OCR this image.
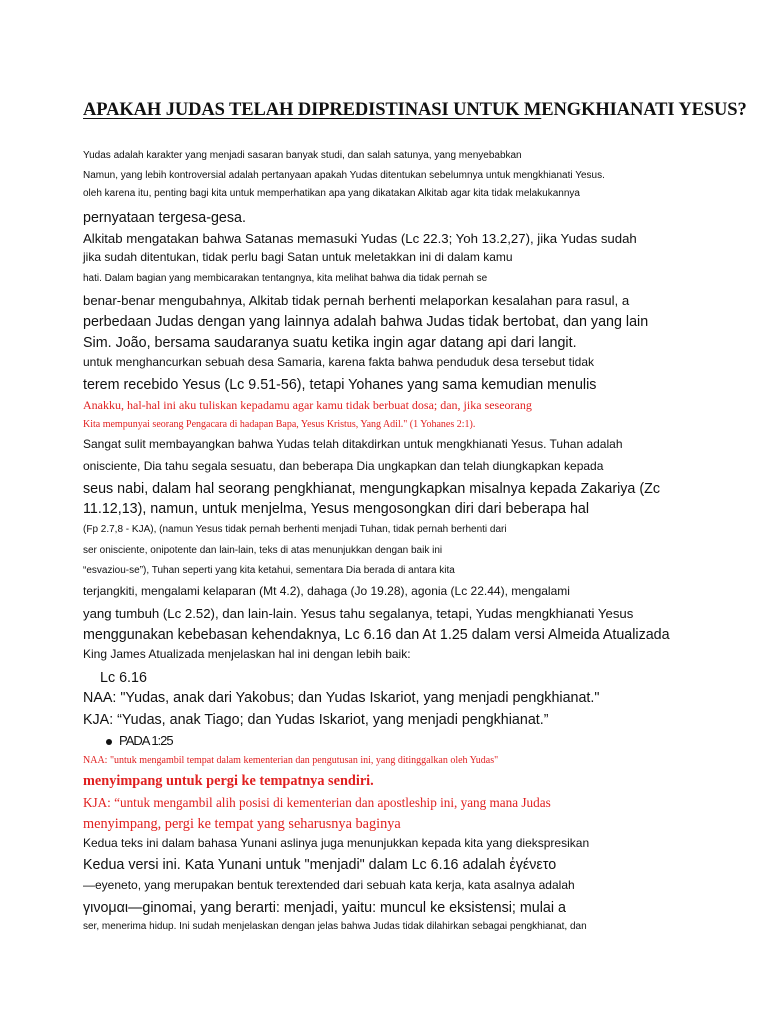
APAKAH JUDAS TELAH DIPREDISTINASI UNTUK MENGKHIANATI YESUS?
Yudas adalah karakter yang menjadi sasaran banyak studi, dan salah satunya, yang menyebabkan
Namun, yang lebih kontroversial adalah pertanyaan apakah Yudas ditentukan sebelumnya untuk mengkhianati Yesus.
oleh karena itu, penting bagi kita untuk memperhatikan apa yang dikatakan Alkitab agar kita tidak melakukannya
pernyataan tergesa-gesa.
Alkitab mengatakan bahwa Satanas memasuki Yudas (Lc 22.3; Yoh 13.2,27), jika Yudas sudah
jika sudah ditentukan, tidak perlu bagi Satan untuk meletakkan ini di dalam kamu
hati. Dalam bagian yang membicarakan tentangnya, kita melihat bahwa dia tidak pernah se
benar-benar mengubahnya, Alkitab tidak pernah berhenti melaporkan kesalahan para rasul, a
perbedaan Judas dengan yang lainnya adalah bahwa Judas tidak bertobat, dan yang lain
Sim. João, bersama saudaranya suatu ketika ingin agar datang api dari langit.
untuk menghancurkan sebuah desa Samaria, karena fakta bahwa penduduk desa tersebut tidak
terem recebido Yesus (Lc 9.51-56), tetapi Yohanes yang sama kemudian menulis
Anakku, hal-hal ini aku tuliskan kepadamu agar kamu tidak berbuat dosa; dan, jika seseorang
Kita mempunyai seorang Pengacara di hadapan Bapa, Yesus Kristus, Yang Adil." (1 Yohanes 2:1).
Sangat sulit membayangkan bahwa Yudas telah ditakdirkan untuk mengkhianati Yesus. Tuhan adalah
onisciente, Dia tahu segala sesuatu, dan beberapa Dia ungkapkan dan telah diungkapkan kepada
seus nabi, dalam hal seorang pengkhianat, mengungkapkan misalnya kepada Zakariya (Zc
11.12,13), namun, untuk menjelma, Yesus mengosongkan diri dari beberapa hal
(Fp 2.7,8 - KJA), (namun Yesus tidak pernah berhenti menjadi Tuhan, tidak pernah berhenti dari
ser onisciente, onipotente dan lain-lain, teks di atas menunjukkan dengan baik ini
“esvaziou-se”), Tuhan seperti yang kita ketahui, sementara Dia berada di antara kita
terjangkiti, mengalami kelaparan (Mt 4.2), dahaga (Jo 19.28), agonia (Lc 22.44), mengalami
yang tumbuh (Lc 2.52), dan lain-lain. Yesus tahu segalanya, tetapi, Yudas mengkhianati Yesus
menggunakan kebebasan kehendaknya, Lc 6.16 dan At 1.25 dalam versi Almeida Atualizada
King James Atualizada menjelaskan hal ini dengan lebih baik:
Lc 6.16
NAA: "Yudas, anak dari Yakobus; dan Yudas Iskariot, yang menjadi pengkhianat."
KJA: “Yudas, anak Tiago; dan Yudas Iskariot, yang menjadi pengkhianat.”
PADA 1:25
NAA: "untuk mengambil tempat dalam kementerian dan pengutusan ini, yang ditinggalkan oleh Yudas"
menyimpang untuk pergi ke tempatnya sendiri.
KJA: “untuk mengambil alih posisi di kementerian dan apostleship ini, yang mana Judas
menyimpang, pergi ke tempat yang seharusnya baginya
Kedua teks ini dalam bahasa Yunani aslinya juga menunjukkan kepada kita yang diekspresikan
Kedua versi ini. Kata Yunani untuk "menjadi" dalam Lc 6.16 adalah ἐγένετο
—eyeneto, yang merupakan bentuk terextended dari sebuah kata kerja, kata asalnya adalah
γινομαι—ginomai, yang berarti: menjadi, yaitu: muncul ke eksistensi; mulai a
ser, menerima hidup. Ini sudah menjelaskan dengan jelas bahwa Judas tidak dilahirkan sebagai pengkhianat, dan
